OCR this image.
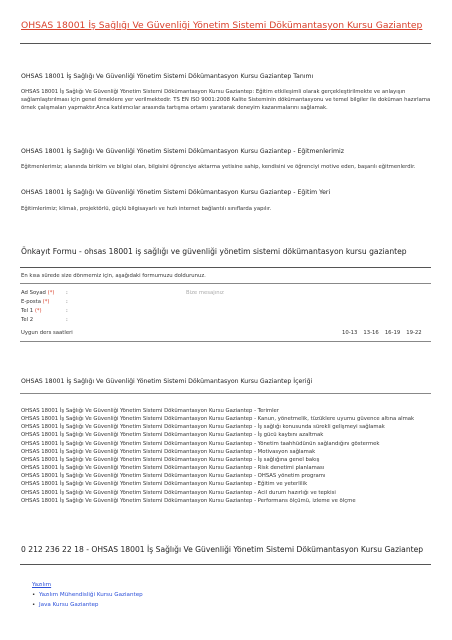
OHSAS 18001 İş Sağlığı Ve Güvenliği Yönetim Sistemi Dökümantasyon Kursu Gaziantep
OHSAS 18001 İş Sağlığı Ve Güvenliği Yönetim Sistemi Dökümantasyon Kursu Gaziantep Tanımı
OHSAS 18001 İş Sağlığı Ve Güvenliği Yönetim Sistemi Dökümantasyon Kursu Gaziantep: Eğitim etkileşimli olarak gerçekleştirilmekte ve anlayışın sağlamlaştırılması için genel örneklere yer verilmektedir. TS EN ISO 9001:2008 Kalite Sisteminin dökümantasyonu ve temel bilgiler ile doküman hazırlama örnek çalışmaları yapmaktır.Arıca katılımcılar arasında tartışma ortamı yaratarak deneyim kazanmalarını sağlamak.
OHSAS 18001 İş Sağlığı Ve Güvenliği Yönetim Sistemi Dökümantasyon Kursu Gaziantep - Eğitmenlerimiz
Eğitmenlerimiz; alanında birikim ve bilgisi olan, bilgisini öğrenciye aktarma yetisine sahip, kendisini ve öğrenciyi motive eden, başarılı eğitmenlerdir.
OHSAS 18001 İş Sağlığı Ve Güvenliği Yönetim Sistemi Dökümantasyon Kursu Gaziantep - Eğitim Yeri
Eğitimlerimiz; klimalı, projektörlü, güçlü bilgisayarlı ve hızlı internet bağlantılı sınıflarda yapılır.
Önkayıt Formu - ohsas 18001 iş sağlığı ve güvenliği yönetim sistemi dökümantasyon kursu gaziantep
En kısa sürede size dönmemiz için, aşağıdaki formumuzu doldurunuz.
Ad Soyad (*) :	Bize mesajınız
E-posta (*)	:
Tel 1 (*)	:
Tel 2	:
Uygun ders saatleri	10-13 13-16 16-19 19-22
OHSAS 18001 İş Sağlığı Ve Güvenliği Yönetim Sistemi Dökümantasyon Kursu Gaziantep İçeriği
OHSAS 18001 İş Sağlığı Ve Güvenliği Yönetim Sistemi Dökümantasyon Kursu Gaziantep - Terimler
OHSAS 18001 İş Sağlığı Ve Güvenliği Yönetim Sistemi Dökümantasyon Kursu Gaziantep - Kanun, yönetmelik, tüzüklere uyumu güvence altına almak
OHSAS 18001 İş Sağlığı Ve Güvenliği Yönetim Sistemi Dökümantasyon Kursu Gaziantep - İş sağlığı konusunda sürekli gelişmeyi sağlamak
OHSAS 18001 İş Sağlığı Ve Güvenliği Yönetim Sistemi Dökümantasyon Kursu Gaziantep - İş gücü kaybını azaltmak
OHSAS 18001 İş Sağlığı Ve Güvenliği Yönetim Sistemi Dökümantasyon Kursu Gaziantep - Yönetim taahhüdünün sağlandığını göstermek
OHSAS 18001 İş Sağlığı Ve Güvenliği Yönetim Sistemi Dökümantasyon Kursu Gaziantep - Motivasyon sağlamak
OHSAS 18001 İş Sağlığı Ve Güvenliği Yönetim Sistemi Dökümantasyon Kursu Gaziantep - İş sağlığına genel bakış
OHSAS 18001 İş Sağlığı Ve Güvenliği Yönetim Sistemi Dökümantasyon Kursu Gaziantep - Risk denetimi planlaması
OHSAS 18001 İş Sağlığı Ve Güvenliği Yönetim Sistemi Dökümantasyon Kursu Gaziantep - OHSAS yönetim programı
OHSAS 18001 İş Sağlığı Ve Güvenliği Yönetim Sistemi Dökümantasyon Kursu Gaziantep - Eğitim ve yeterlilik
OHSAS 18001 İş Sağlığı Ve Güvenliği Yönetim Sistemi Dökümantasyon Kursu Gaziantep - Acil durum hazırlığı ve tepkisi
OHSAS 18001 İş Sağlığı Ve Güvenliği Yönetim Sistemi Dökümantasyon Kursu Gaziantep - Performans ölçümü, izleme ve ölçme
0 212 236 22 18 - OHSAS 18001 İş Sağlığı Ve Güvenliği Yönetim Sistemi Dökümantasyon Kursu Gaziantep
Yazılım
• Yazılım Mühendisliği Kursu Gaziantep
• Java Kursu Gaziantep
